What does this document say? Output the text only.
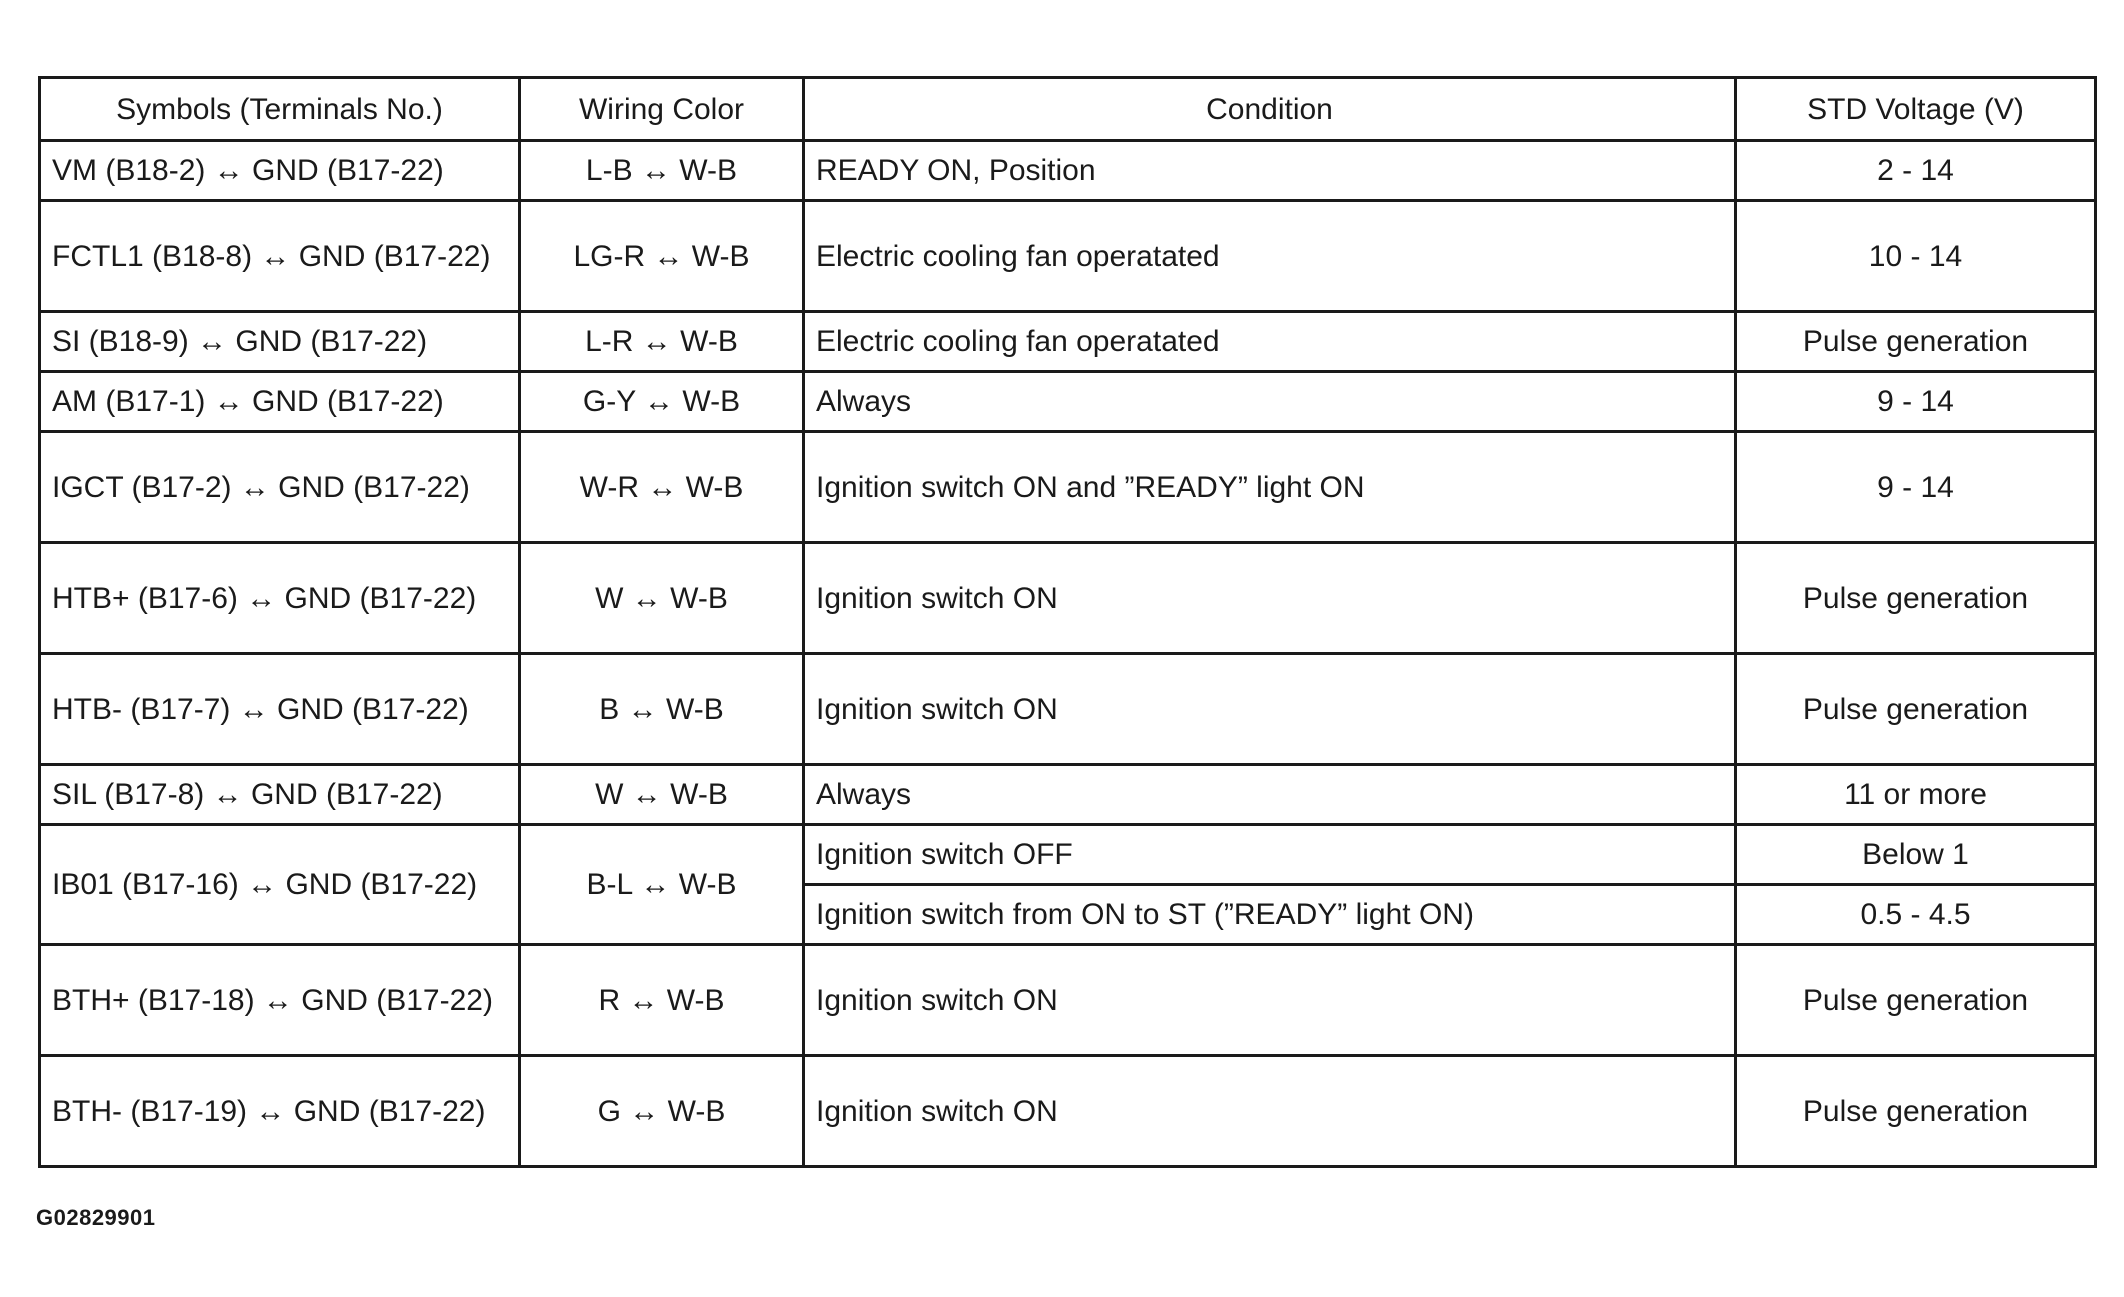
Symbols (Terminals No.)	Wiring Color	Condition	STD Voltage (V)
VM (B18-2) ↔ GND (B17-22)	L-B ↔ W-B	READY ON, Position	2 - 14
FCTL1 (B18-8) ↔ GND (B17-22)	LG-R ↔ W-B	Electric cooling fan operatated	10 - 14
SI (B18-9) ↔ GND (B17-22)	L-R ↔ W-B	Electric cooling fan operatated	Pulse generation
AM (B17-1) ↔ GND (B17-22)	G-Y ↔ W-B	Always	9 - 14
IGCT (B17-2) ↔ GND (B17-22)	W-R ↔ W-B	Ignition switch ON and ”READY” light ON	9 - 14
HTB+ (B17-6) ↔ GND (B17-22)	W ↔ W-B	Ignition switch ON	Pulse generation
HTB- (B17-7) ↔ GND (B17-22)	B ↔ W-B	Ignition switch ON	Pulse generation
SIL (B17-8) ↔ GND (B17-22)	W ↔ W-B	Always	11 or more
IB01 (B17-16) ↔ GND (B17-22)	B-L ↔ W-B	Ignition switch OFF	Below 1
		Ignition switch from ON to ST (”READY” light ON)	0.5 - 4.5
BTH+ (B17-18) ↔ GND (B17-22)	R ↔ W-B	Ignition switch ON	Pulse generation
BTH- (B17-19) ↔ GND (B17-22)	G ↔ W-B	Ignition switch ON	Pulse generation
G02829901
